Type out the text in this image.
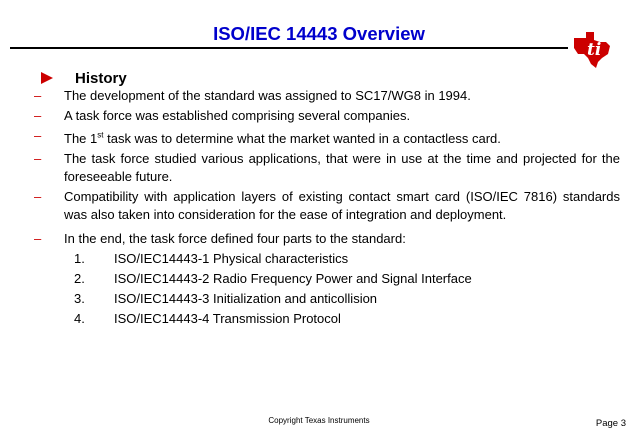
ISO/IEC 14443 Overview
ti
History
– The development of the standard was assigned to SC17/WG8 in 1994.
– A task force was established comprising several companies.
– The 1st task was to determine what the market wanted in a contactless card.
– The task force studied various applications, that were in use at the time and projected for the foreseeable future.
– Compatibility with application layers of existing contact smart card (ISO/IEC 7816) standards was also taken into consideration for the ease of integration and deployment.
– In the end, the task force defined four parts to the standard:
1.	ISO/IEC14443-1 Physical characteristics
2.	ISO/IEC14443-2 Radio Frequency Power and Signal Interface
3.	ISO/IEC14443-3 Initialization and anticollision
4.	ISO/IEC14443-4 Transmission Protocol
Copyright Texas Instruments	Page 3
